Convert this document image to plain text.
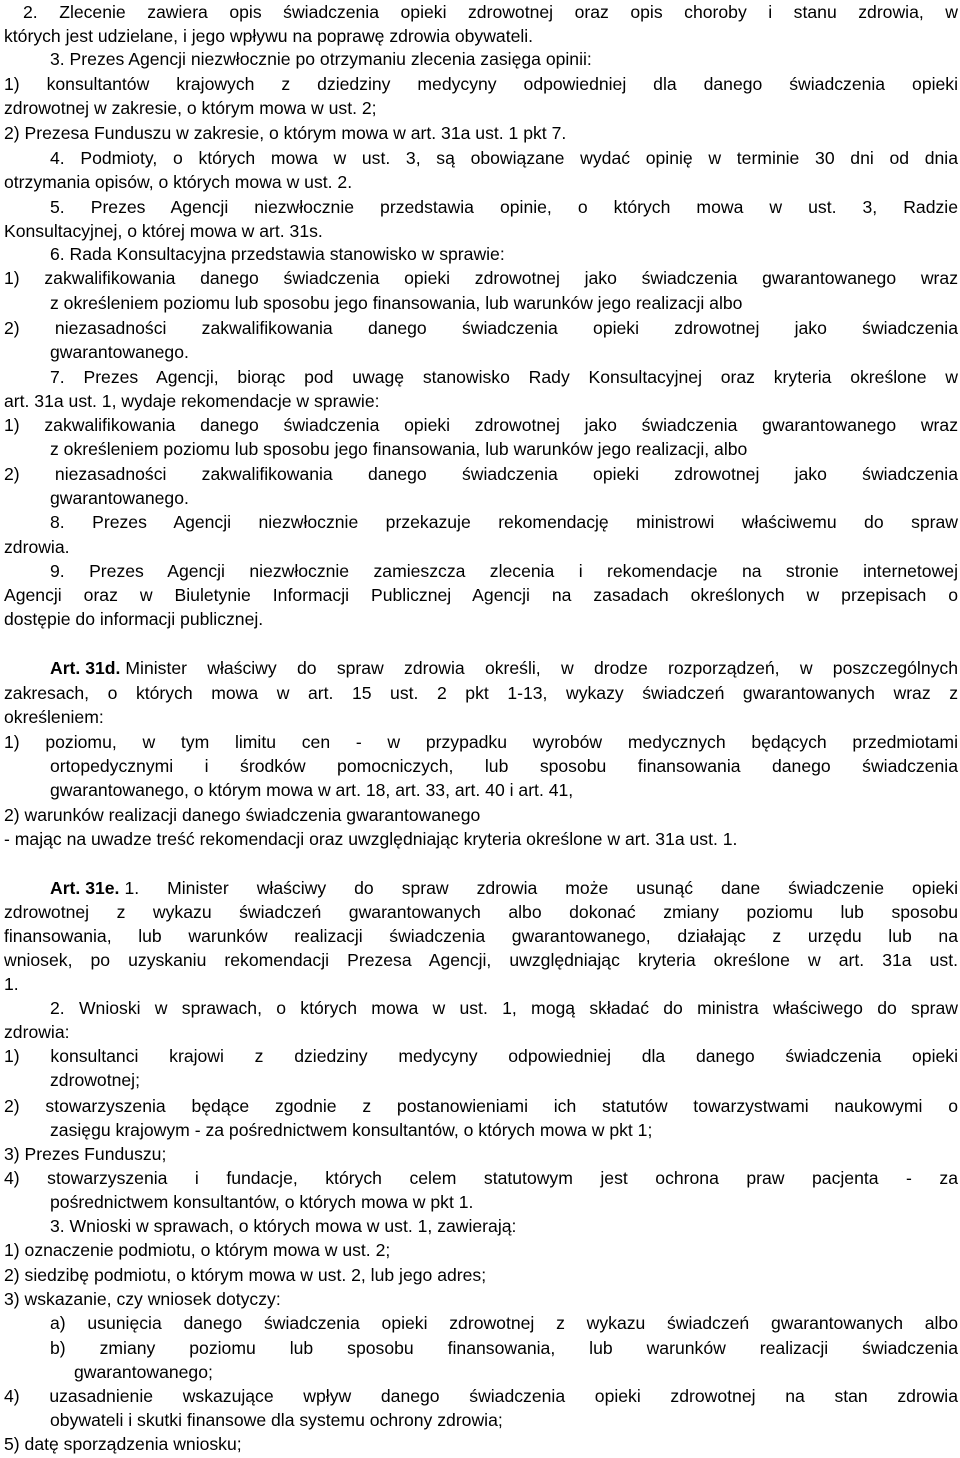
2. Zlecenie zawiera opis świadczenia opieki zdrowotnej oraz opis choroby i stanu zdrowia, w
których jest udzielane, i jego wpływu na poprawę zdrowia obywateli.
3. Prezes Agencji niezwłocznie po otrzymaniu zlecenia zasięga opinii:
1) konsultantów krajowych z dziedziny medycyny odpowiedniej dla danego świadczenia opieki
zdrowotnej w zakresie, o którym mowa w ust. 2;
2) Prezesa Funduszu w zakresie, o którym mowa w art. 31a ust. 1 pkt 7.
4. Podmioty, o których mowa w ust. 3, są obowiązane wydać opinię w terminie 30 dni od dnia
otrzymania opisów, o których mowa w ust. 2.
5. Prezes Agencji niezwłocznie przedstawia opinie, o których mowa w ust. 3, Radzie
Konsultacyjnej, o której mowa w art. 31s.
6. Rada Konsultacyjna przedstawia stanowisko w sprawie:
1) zakwalifikowania danego świadczenia opieki zdrowotnej jako świadczenia gwarantowanego wraz
z określeniem poziomu lub sposobu jego finansowania, lub warunków jego realizacji albo
2) niezasadności zakwalifikowania danego świadczenia opieki zdrowotnej jako świadczenia
gwarantowanego.
7. Prezes Agencji, biorąc pod uwagę stanowisko Rady Konsultacyjnej oraz kryteria określone w
art. 31a ust. 1, wydaje rekomendacje w sprawie:
1) zakwalifikowania danego świadczenia opieki zdrowotnej jako świadczenia gwarantowanego wraz
z określeniem poziomu lub sposobu jego finansowania, lub warunków jego realizacji, albo
2) niezasadności zakwalifikowania danego świadczenia opieki zdrowotnej jako świadczenia
gwarantowanego.
8. Prezes Agencji niezwłocznie przekazuje rekomendację ministrowi właściwemu do spraw
zdrowia.
9. Prezes Agencji niezwłocznie zamieszcza zlecenia i rekomendacje na stronie internetowej
Agencji oraz w Biuletynie Informacji Publicznej Agencji na zasadach określonych w przepisach o
dostępie do informacji publicznej.
Art. 31d. Minister właściwy do spraw zdrowia określi, w drodze rozporządzeń, w poszczególnych
zakresach, o których mowa w art. 15 ust. 2 pkt 1-13, wykazy świadczeń gwarantowanych wraz z
określeniem:
1) poziomu, w tym limitu cen - w przypadku wyrobów medycznych będących przedmiotami
ortopedycznymi i środków pomocniczych, lub sposobu finansowania danego świadczenia
gwarantowanego, o którym mowa w art. 18, art. 33, art. 40 i art. 41,
2) warunków realizacji danego świadczenia gwarantowanego
- mając na uwadze treść rekomendacji oraz uwzględniając kryteria określone w art. 31a ust. 1.
Art. 31e. 1. Minister właściwy do spraw zdrowia może usunąć dane świadczenie opieki
zdrowotnej z wykazu świadczeń gwarantowanych albo dokonać zmiany poziomu lub sposobu
finansowania, lub warunków realizacji świadczenia gwarantowanego, działając z urzędu lub na
wniosek, po uzyskaniu rekomendacji Prezesa Agencji, uwzględniając kryteria określone w art. 31a ust.
1.
2. Wnioski w sprawach, o których mowa w ust. 1, mogą składać do ministra właściwego do spraw
zdrowia:
1) konsultanci krajowi z dziedziny medycyny odpowiedniej dla danego świadczenia opieki
zdrowotnej;
2) stowarzyszenia będące zgodnie z postanowieniami ich statutów towarzystwami naukowymi o
zasięgu krajowym - za pośrednictwem konsultantów, o których mowa w pkt 1;
3) Prezes Funduszu;
4) stowarzyszenia i fundacje, których celem statutowym jest ochrona praw pacjenta - za
pośrednictwem konsultantów, o których mowa w pkt 1.
3. Wnioski w sprawach, o których mowa w ust. 1, zawierają:
1) oznaczenie podmiotu, o którym mowa w ust. 2;
2) siedzibę podmiotu, o którym mowa w ust. 2, lub jego adres;
3) wskazanie, czy wniosek dotyczy:
a) usunięcia danego świadczenia opieki zdrowotnej z wykazu świadczeń gwarantowanych albo
b) zmiany poziomu lub sposobu finansowania, lub warunków realizacji świadczenia
gwarantowanego;
4) uzasadnienie wskazujące wpływ danego świadczenia opieki zdrowotnej na stan zdrowia
obywateli i skutki finansowe dla systemu ochrony zdrowia;
5) datę sporządzenia wniosku;
